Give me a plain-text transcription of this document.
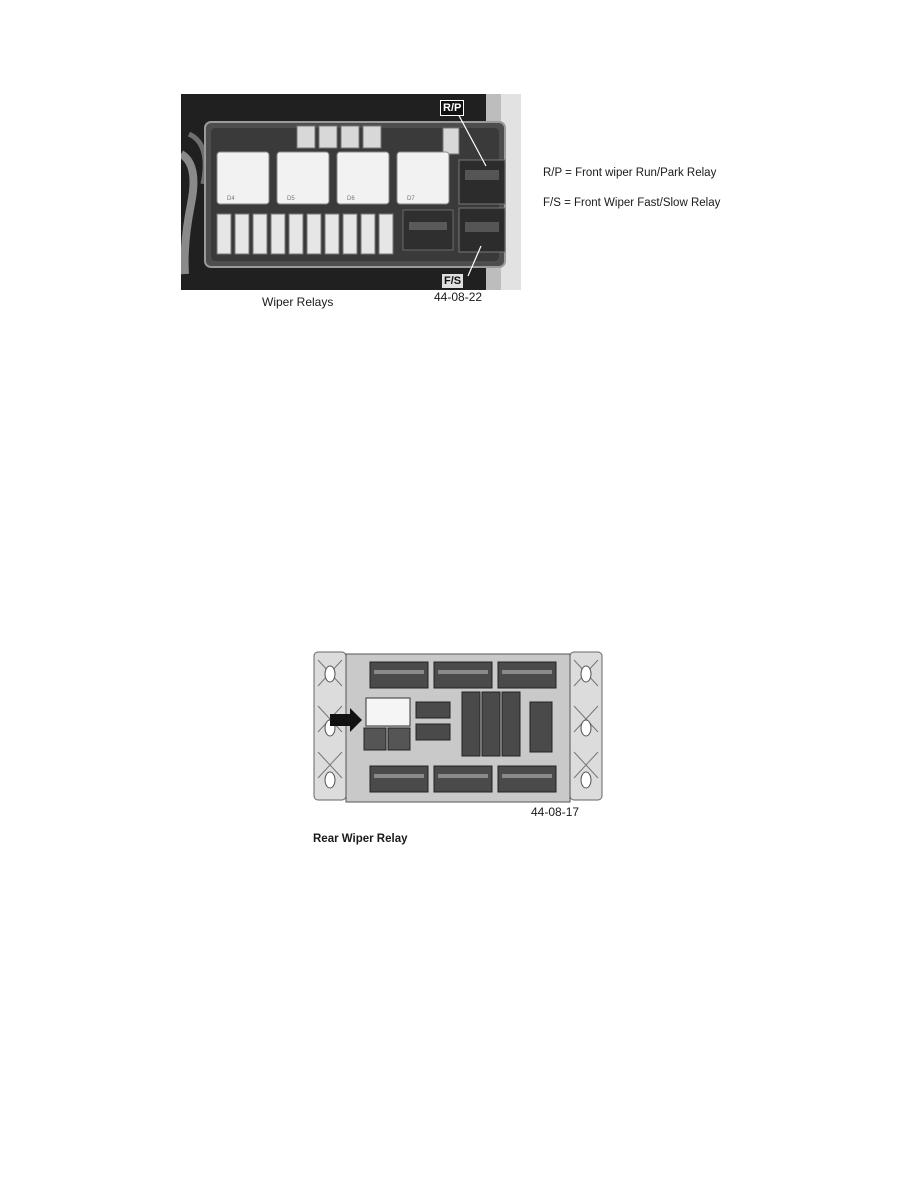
D4	D5	D6	D7
R/P
F/S
Wiper Relays	44-08-22
R/P = Front wiper Run/Park Relay
F/S = Front Wiper Fast/Slow Relay
44-08-17
Rear Wiper Relay
